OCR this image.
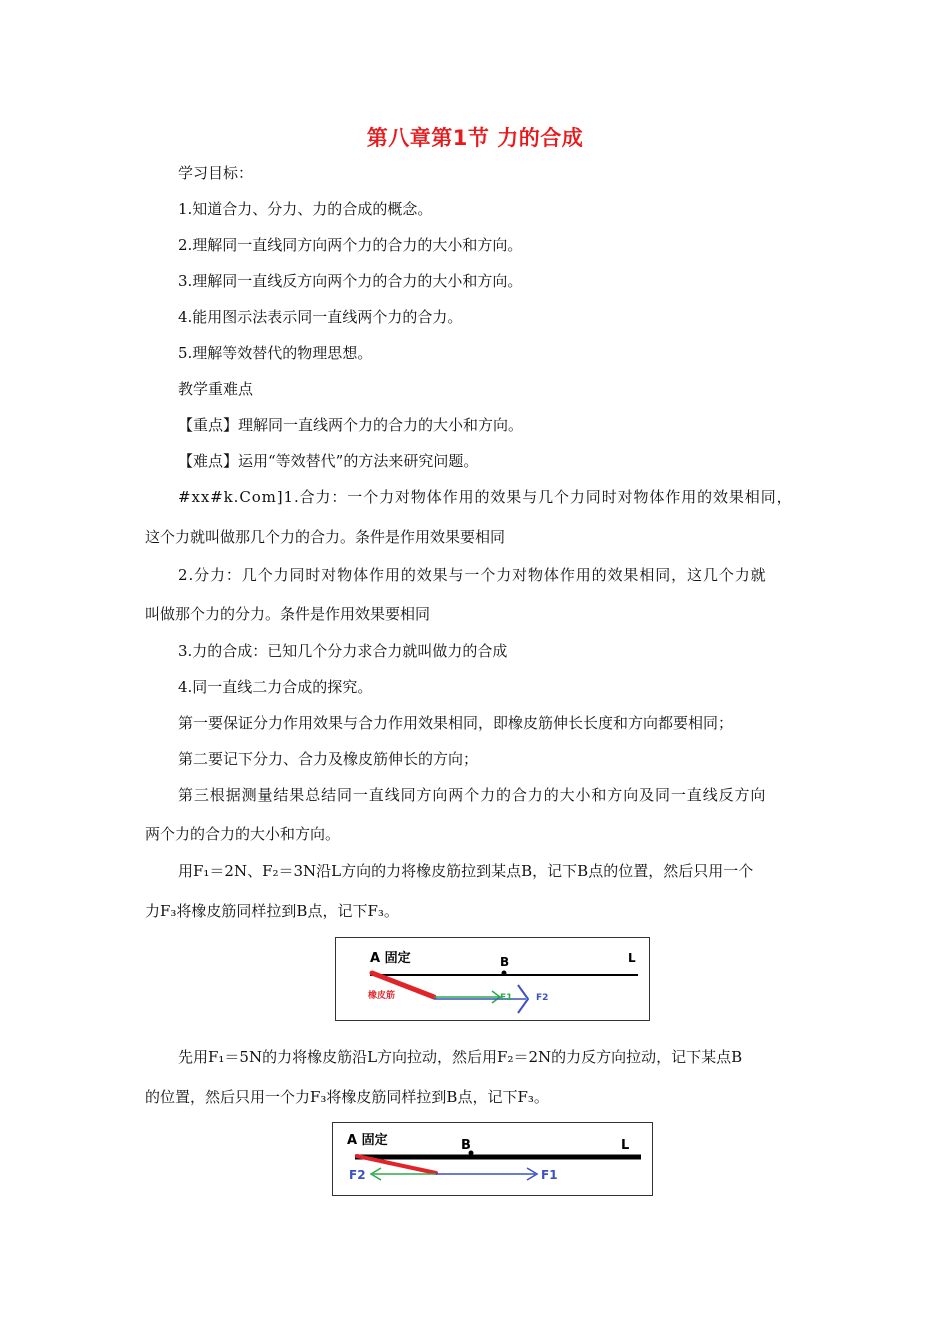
第八章第1节 力的合成
学习目标：
1.知道合力、分力、力的合成的概念。
2.理解同一直线同方向两个力的合力的大小和方向。
3.理解同一直线反方向两个力的合力的大小和方向。
4.能用图示法表示同一直线两个力的合力。
5.理解等效替代的物理思想。
教学重难点
【重点】理解同一直线两个力的合力的大小和方向。
【难点】运用“等效替代”的方法来研究问题。
#xx#k.Com]1.合力：一个力对物体作用的效果与几个力同时对物体作用的效果相同，
这个力就叫做那几个力的合力。条件是作用效果要相同
2.分力：几个力同时对物体作用的效果与一个力对物体作用的效果相同，这几个力就
叫做那个力的分力。条件是作用效果要相同
3.力的合成：已知几个分力求合力就叫做力的合成
4.同一直线二力合成的探究。
第一要保证分力作用效果与合力作用效果相同，即橡皮筋伸长长度和方向都要相同；
第二要记下分力、合力及橡皮筋伸长的方向；
第三根据测量结果总结同一直线同方向两个力的合力的大小和方向及同一直线反方向
两个力的合力的大小和方向。
用F₁＝2N、F₂＝3N沿L方向的力将橡皮筋拉到某点B，记下B点的位置，然后只用一个
力F₃将橡皮筋同样拉到B点，记下F₃。
A 固定	B	L
橡皮筋	F1	F2
先用F₁＝5N的力将橡皮筋沿L方向拉动，然后用F₂＝2N的力反方向拉动，记下某点B
的位置，然后只用一个力F₃将橡皮筋同样拉到B点，记下F₃。
A 固定	B	L
F2	F1
